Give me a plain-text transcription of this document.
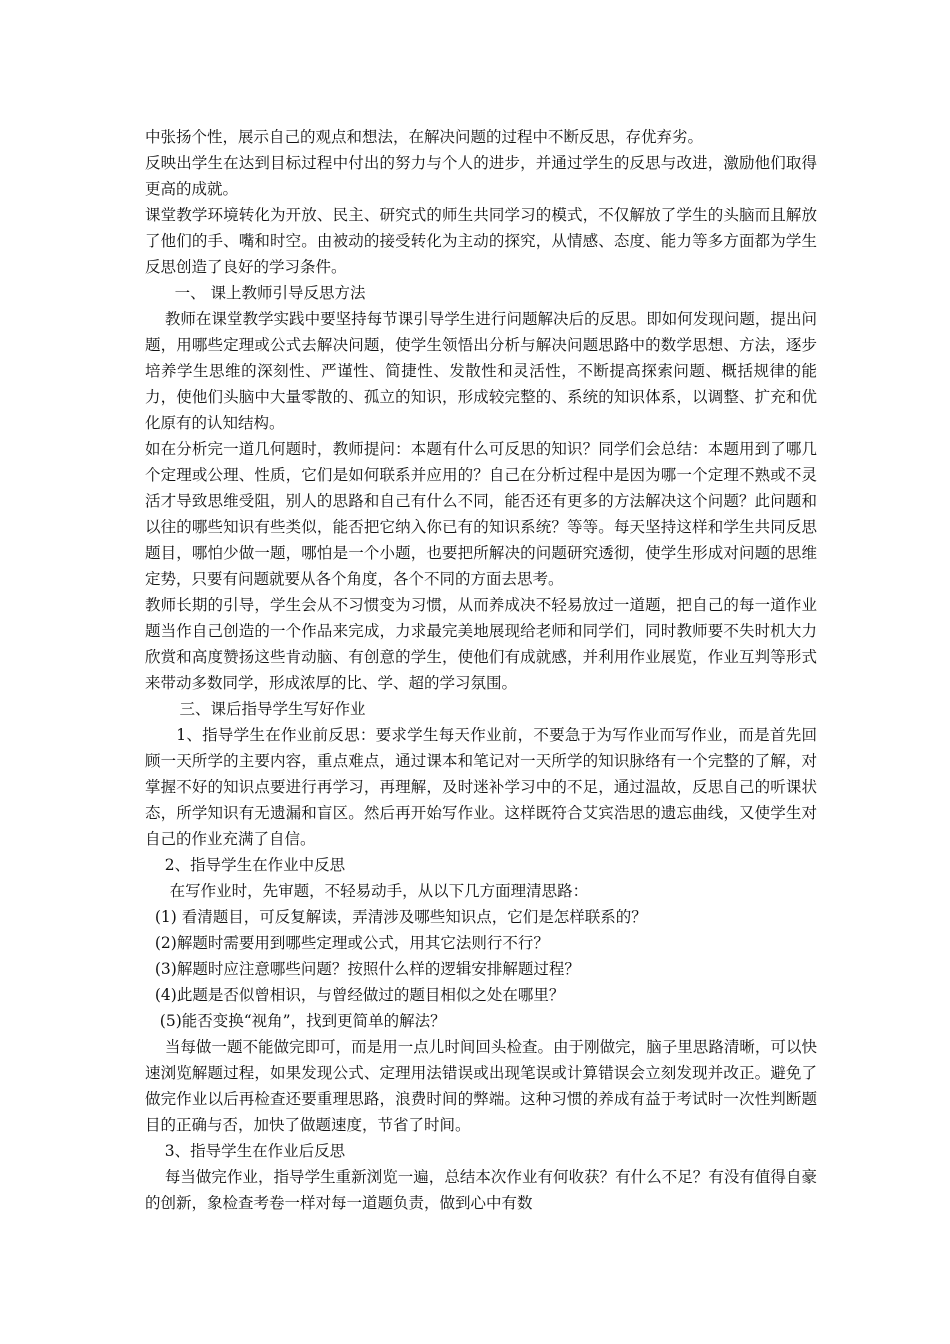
中张扬个性，展示自己的观点和想法，在解决问题的过程中不断反思，存优弃劣。

反映出学生在达到目标过程中付出的努力与个人的进步，并通过学生的反思与改进，激励他们取得更高的成就。

课堂教学环境转化为开放、民主、研究式的师生共同学习的模式，不仅解放了学生的头脑而且解放了他们的手、嘴和时空。由被动的接受转化为主动的探究，从情感、态度、能力等多方面都为学生反思创造了良好的学习条件。

一、 课上教师引导反思方法

教师在课堂教学实践中要坚持每节课引导学生进行问题解决后的反思。即如何发现问题，提出问题，用哪些定理或公式去解决问题，使学生领悟出分析与解决问题思路中的数学思想、方法，逐步培养学生思维的深刻性、严谨性、简捷性、发散性和灵活性，不断提高探索问题、概括规律的能力，使他们头脑中大量零散的、孤立的知识，形成较完整的、系统的知识体系，以调整、扩充和优化原有的认知结构。

如在分析完一道几何题时，教师提问：本题有什么可反思的知识？同学们会总结：本题用到了哪几个定理或公理、性质，它们是如何联系并应用的？自己在分析过程中是因为哪一个定理不熟或不灵活才导致思维受阻，别人的思路和自己有什么不同，能否还有更多的方法解决这个问题？此问题和以往的哪些知识有些类似，能否把它纳入你已有的知识系统？等等。每天坚持这样和学生共同反思题目，哪怕少做一题，哪怕是一个小题，也要把所解决的问题研究透彻，使学生形成对问题的思维定势，只要有问题就要从各个角度，各个不同的方面去思考。

教师长期的引导，学生会从不习惯变为习惯，从而养成决不轻易放过一道题，把自己的每一道作业题当作自己创造的一个作品来完成，力求最完美地展现给老师和同学们，同时教师要不失时机大力欣赏和高度赞扬这些肯动脑、有创意的学生，使他们有成就感，并利用作业展览，作业互判等形式来带动多数同学，形成浓厚的比、学、超的学习氛围。

三、课后指导学生写好作业

1、指导学生在作业前反思：要求学生每天作业前，不要急于为写作业而写作业，而是首先回顾一天所学的主要内容，重点难点，通过课本和笔记对一天所学的知识脉络有一个完整的了解，对掌握不好的知识点要进行再学习，再理解，及时迷补学习中的不足，通过温故，反思自己的听课状态，所学知识有无遗漏和盲区。然后再开始写作业。这样既符合艾宾浩思的遗忘曲线，又使学生对自己的作业充满了自信。

2、指导学生在作业中反思

在写作业时，先审题，不轻易动手，从以下几方面理清思路：

(1) 看清题目，可反复解读，弄清涉及哪些知识点，它们是怎样联系的？

(2)解题时需要用到哪些定理或公式，用其它法则行不行？

(3)解题时应注意哪些问题？按照什么样的逻辑安排解题过程？

(4)此题是否似曾相识，与曾经做过的题目相似之处在哪里？

(5)能否变换“视角”，找到更简单的解法？

当每做一题不能做完即可，而是用一点儿时间回头检查。由于刚做完，脑子里思路清晰，可以快速浏览解题过程，如果发现公式、定理用法错误或出现笔误或计算错误会立刻发现并改正。避免了做完作业以后再检查还要重理思路，浪费时间的弊端。这种习惯的养成有益于考试时一次性判断题目的正确与否，加快了做题速度，节省了时间。

3、指导学生在作业后反思

每当做完作业，指导学生重新浏览一遍，总结本次作业有何收获？有什么不足？有没有值得自豪的创新，象检查考卷一样对每一道题负责，做到心中有数
